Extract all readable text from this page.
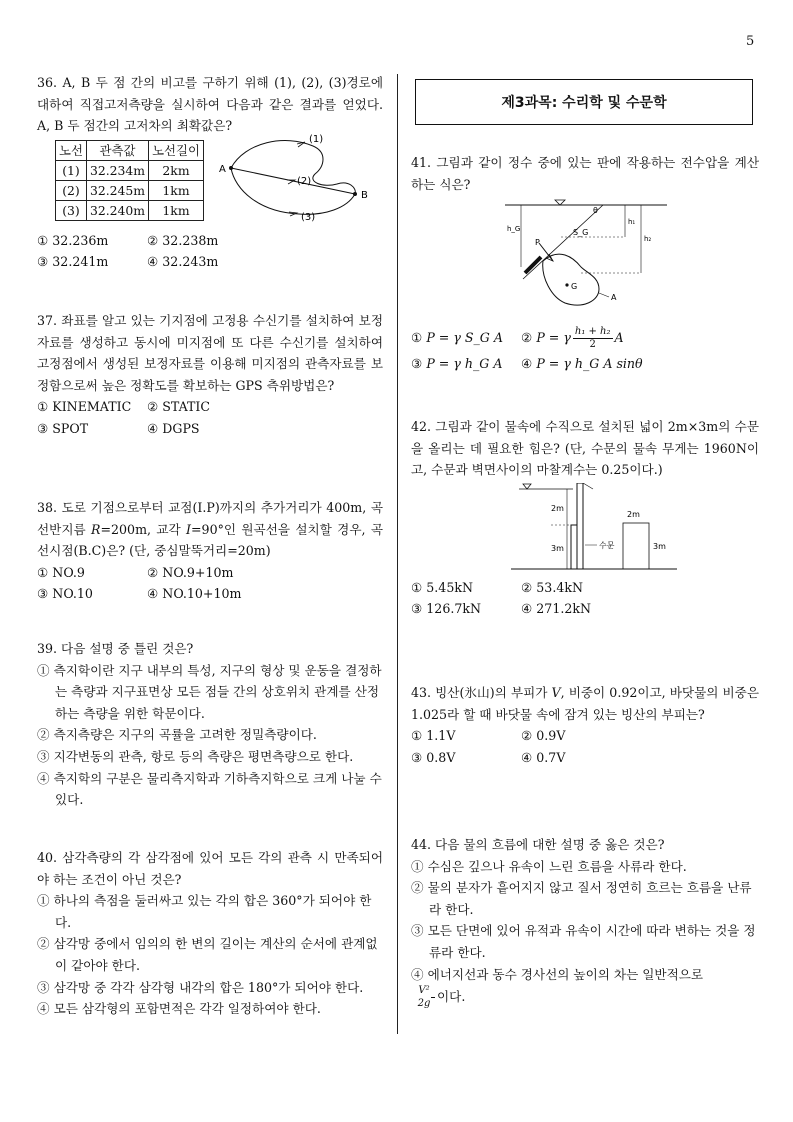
5
36. A, B 두 점 간의 비고를 구하기 위해 (1), (2), (3)경로에 대하여 직접고저측량을 실시하여 다음과 같은 결과를 얻었다. A, B 두 점간의 고저차의 최확값은?
노선	관측값	노선길이
(1)	32.234m	2km
(2)	32.245m	1km
(3)	32.240m	1km
A
B
(1)
(2)
(3)
① 32.236m	② 32.238m
③ 32.241m	④ 32.243m
37. 좌표를 알고 있는 기지점에 고정용 수신기를 설치하여 보정자료를 생성하고 동시에 미지점에 또 다른 수신기를 설치하여 고정점에서 생성된 보정자료를 이용해 미지점의 관측자료를 보정함으로써 높은 정확도를 확보하는 GPS 측위방법은?
① KINEMATIC	② STATIC
③ SPOT	④ DGPS
38. 도로 기점으로부터 교점(I.P)까지의 추가거리가 400m, 곡선반지름 R=200m, 교각 I=90°인 원곡선을 설치할 경우, 곡선시점(B.C)은? (단, 중심말뚝거리=20m)
① NO.9	② NO.9+10m
③ NO.10	④ NO.10+10m
39. 다음 설명 중 틀린 것은?
① 측지학이란 지구 내부의 특성, 지구의 형상 및 운동을 결정하는 측량과 지구표면상 모든 점들 간의 상호위치 관계를 산정하는 측량을 위한 학문이다.
② 측지측량은 지구의 곡률을 고려한 정밀측량이다.
③ 지각변동의 관측, 항로 등의 측량은 평면측량으로 한다.
④ 측지학의 구분은 물리측지학과 기하측지학으로 크게 나눌 수 있다.
40. 삼각측량의 각 삼각점에 있어 모든 각의 관측 시 만족되어야 하는 조건이 아닌 것은?
① 하나의 측점을 둘러싸고 있는 각의 합은 360°가 되어야 한다.
② 삼각망 중에서 임의의 한 변의 길이는 계산의 순서에 관계없이 같아야 한다.
③ 삼각망 중 각각 삼각형 내각의 합은 180°가 되어야 한다.
④ 모든 삼각형의 포함면적은 각각 일정하여야 한다.
제3과목: 수리학 및 수문학
41. 그림과 같이 정수 중에 있는 판에 작용하는 전수압을 계산하는 식은?
θ
h₁
h₂
h_G
P
S_G
G
A
① P = γ S_G A	② P = γ $\frac{\text{h₁ + h₂}}{2}$ A
③ P = γ h_G A	④ P = γ h_G A sinθ
42. 그림과 같이 물속에 수직으로 설치된 넓이 2m×3m의 수문을 올리는 데 필요한 힘은? (단, 수문의 물속 무게는 1960N이고, 수문과 벽면사이의 마찰계수는 0.25이다.)
2m
3m	수문
2m
3m
① 5.45kN	② 53.4kN
③ 126.7kN	④ 271.2kN
43. 빙산(氷山)의 부피가 V, 비중이 0.92이고, 바닷물의 비중은 1.025라 할 때 바닷물 속에 잠겨 있는 빙산의 부피는?
① 1.1V	② 0.9V
③ 0.8V	④ 0.7V
44. 다음 물의 흐름에 대한 설명 중 옳은 것은?
① 수심은 깊으나 유속이 느린 흐름을 사류라 한다.
② 물의 분자가 흩어지지 않고 질서 정연히 흐르는 흐름을 난류라 한다.
③ 모든 단면에 있어 유적과 유속이 시간에 따라 변하는 것을 정류라 한다.
④ 에너지선과 동수 경사선의 높이의 차는 일반적으로

$\frac{\text{V²}}{2g}$ 이다.
